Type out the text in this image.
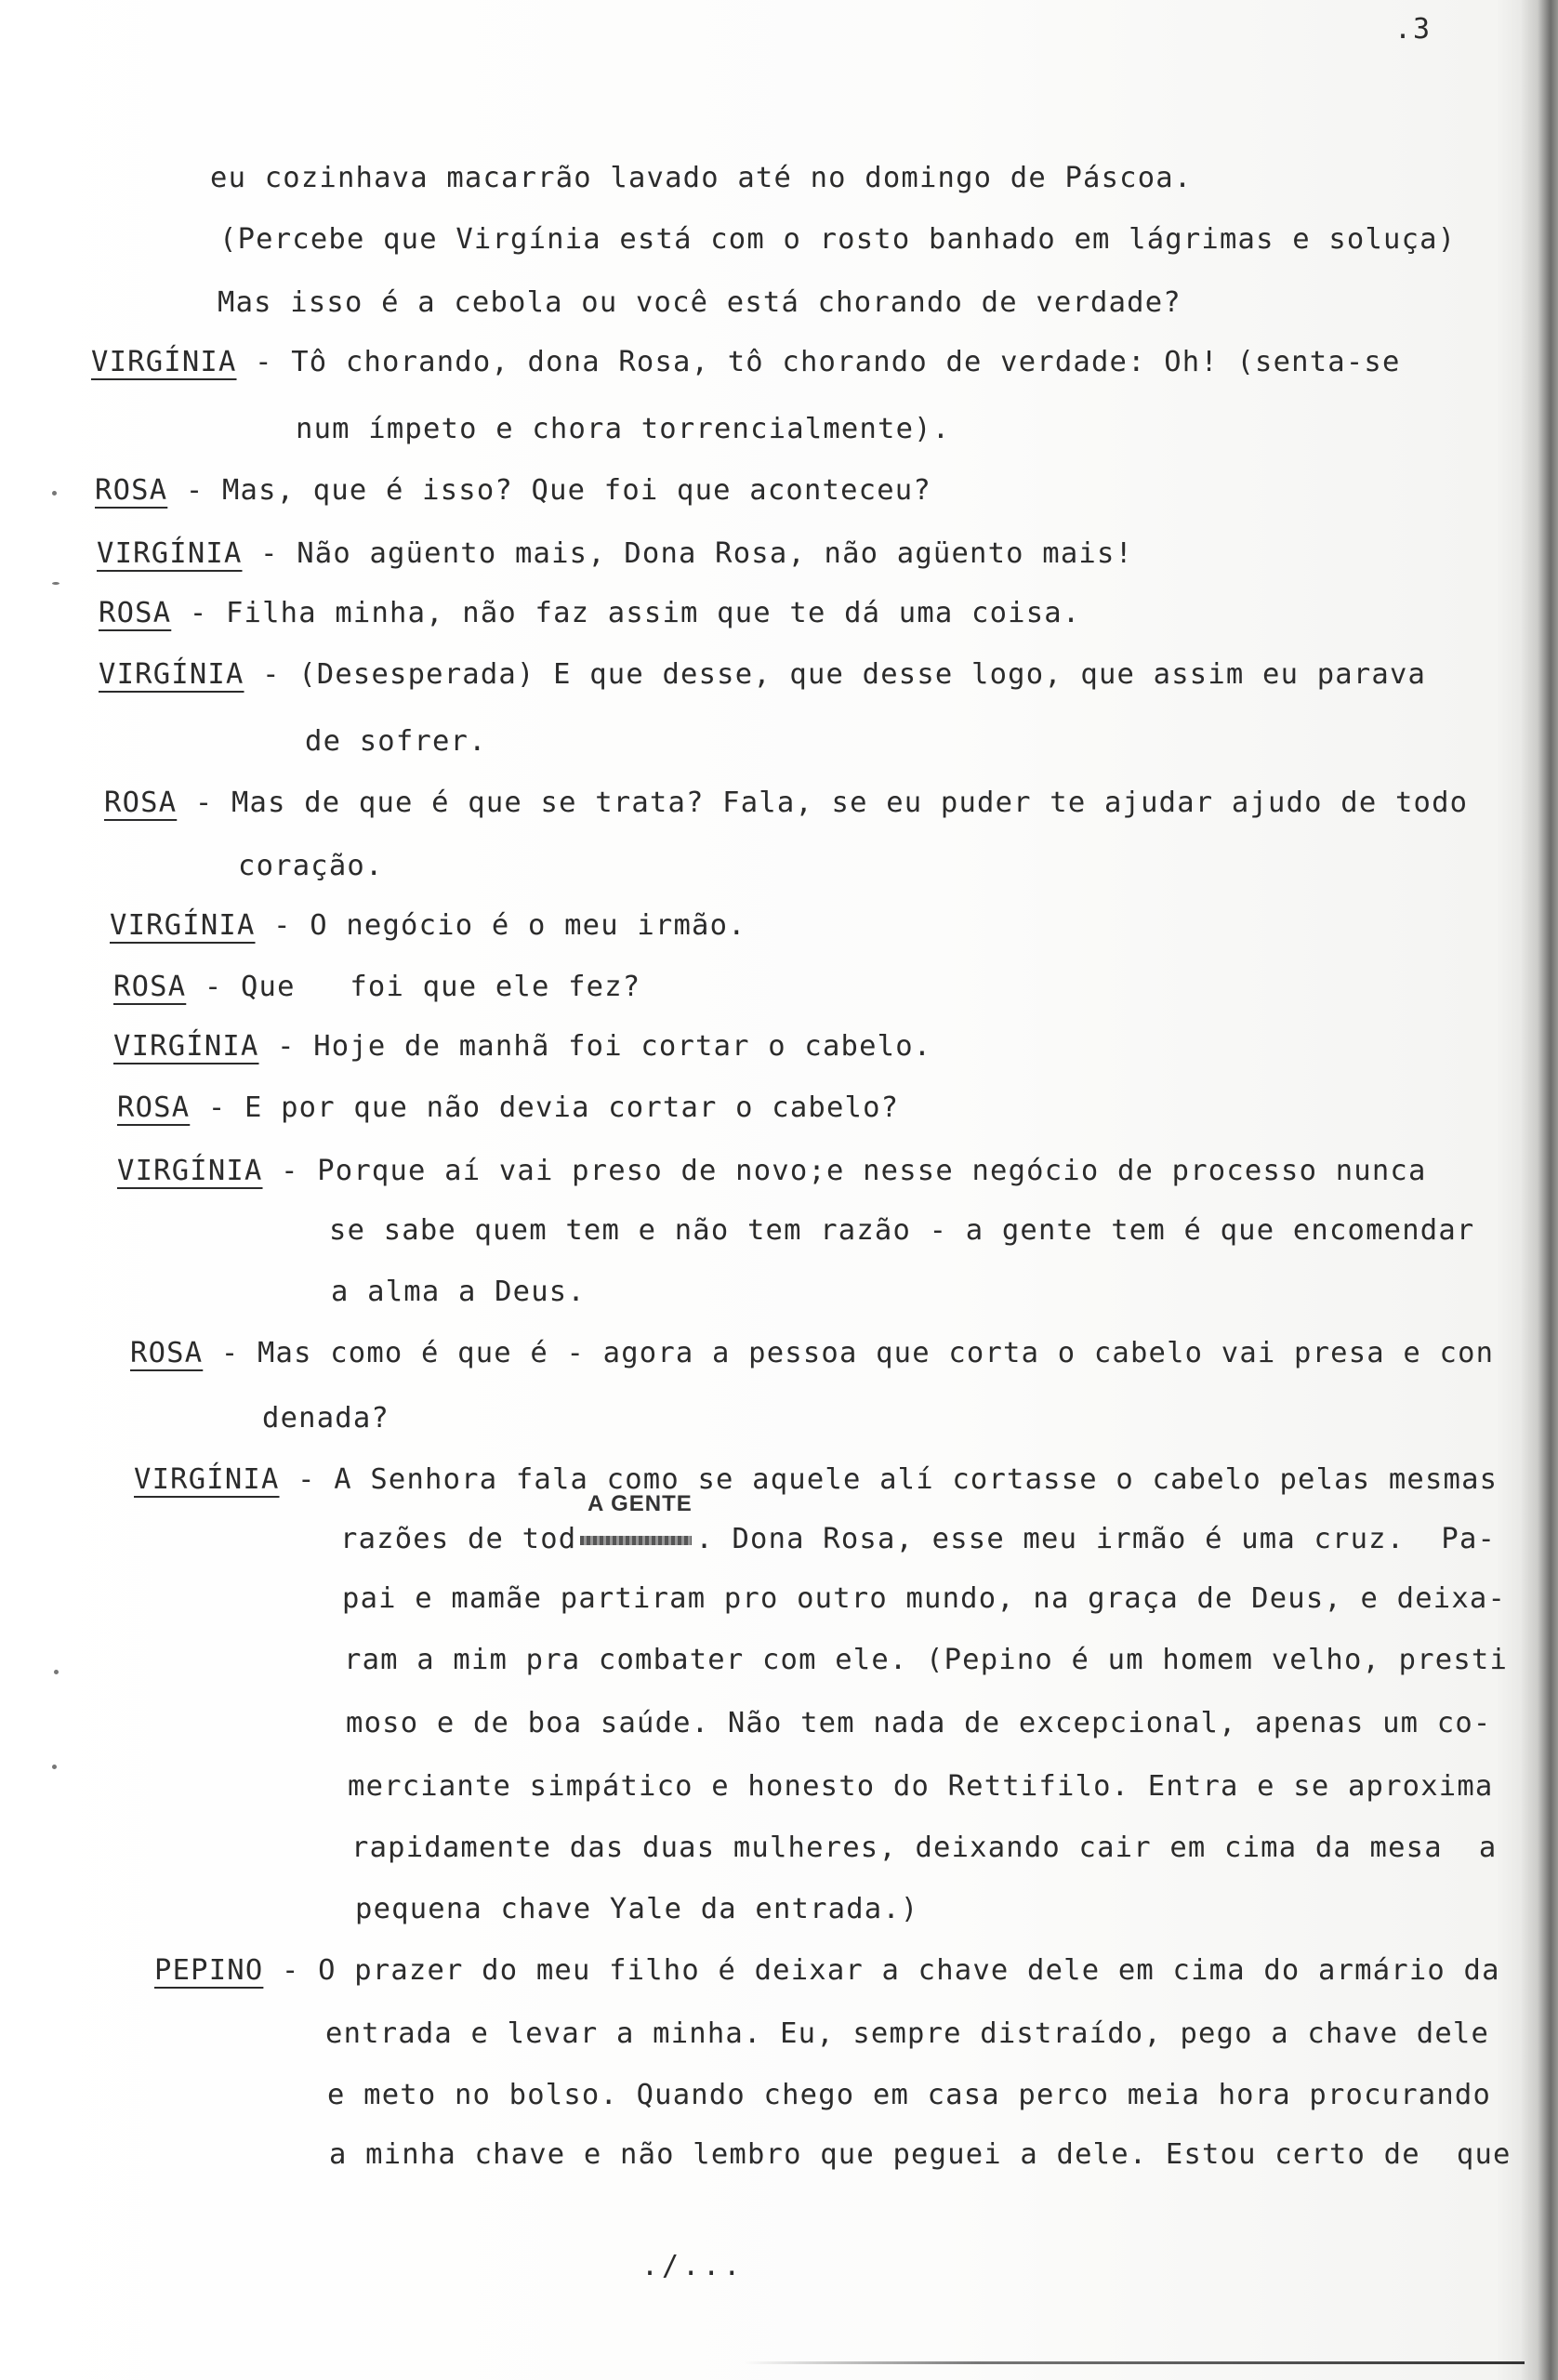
.3
eu cozinhava macarrão lavado até no domingo de Páscoa.
(Percebe que Virgínia está com o rosto banhado em lágrimas e soluça)
Mas isso é a cebola ou você está chorando de verdade?
VIRGÍNIA - Tô chorando, dona Rosa, tô chorando de verdade: Oh! (senta-se
num ímpeto e chora torrencialmente).
ROSA - Mas, que é isso? Que foi que aconteceu?
VIRGÍNIA - Não agüento mais, Dona Rosa, não agüento mais!
ROSA - Filha minha, não faz assim que te dá uma coisa.
VIRGÍNIA - (Desesperada) E que desse, que desse logo, que assim eu parava
de sofrer.
ROSA - Mas de que é que se trata? Fala, se eu puder te ajudar ajudo de todo
coração.
VIRGÍNIA - O negócio é o meu irmão.
ROSA - Que   foi que ele fez?
VIRGÍNIA - Hoje de manhã foi cortar o cabelo.
ROSA - E por que não devia cortar o cabelo?
VIRGÍNIA - Porque aí vai preso de novo;e nesse negócio de processo nunca
se sabe quem tem e não tem razão - a gente tem é que encomendar
a alma a Deus.
ROSA - Mas como é que é - agora a pessoa que corta o cabelo vai presa e con
denada?
VIRGÍNIA - A Senhora fala como se aquele alí cortasse o cabelo pelas mesmas
razões de tod	. Dona Rosa, esse meu irmão é uma cruz.  Pa-
A GENTE
pai e mamãe partiram pro outro mundo, na graça de Deus, e deixa-
ram a mim pra combater com ele. (Pepino é um homem velho, presti
moso e de boa saúde. Não tem nada de excepcional, apenas um co-
merciante simpático e honesto do Rettifilo. Entra e se aproxima
rapidamente das duas mulheres, deixando cair em cima da mesa  a
pequena chave Yale da entrada.)
PEPINO - O prazer do meu filho é deixar a chave dele em cima do armário da
entrada e levar a minha. Eu, sempre distraído, pego a chave dele
e meto no bolso. Quando chego em casa perco meia hora procurando
a minha chave e não lembro que peguei a dele. Estou certo de  que
./...
